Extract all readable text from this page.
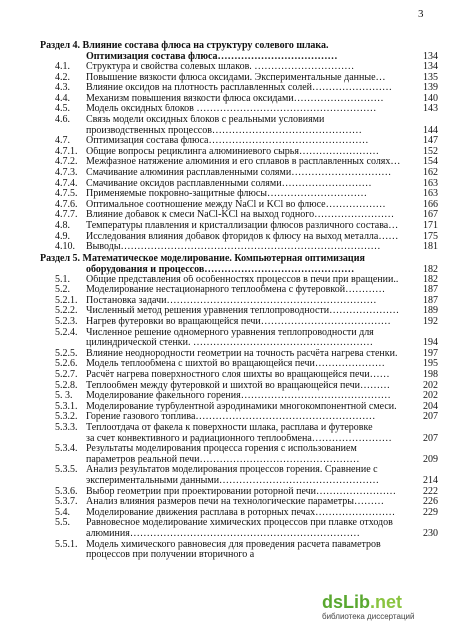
3
Раздел 4. Влияние состава флюса на структуру солевого шлака.
Оптимизация состава флюса………………………………	134
4.1. Структура и свойства солевых шлаков. …………………………	134
4.2. Повышение вязкости флюса оксидами. Экспериментальные данные…	135
4.3. Влияние оксидов на плотность расплавленных солей……………………	139
4.4. Механизм повышения вязкости флюса оксидами………………………	140
4.5. Модель оксидных блоков ………………………………………………	143
4.6. Связь модели оксидных блоков с реальными условиями
производственных процессов………………………………………	144
4.7. Оптимизация состава флюса…………………………………………	147
4.7.1. Общие вопросы рециклинга алюминиевого сырья……………………	152
4.7.2. Межфазное натяжение алюминия и его сплавов в расплавленных солях… 154
4.7.3. Смачивание алюминия расплавленными солями…………………………	162
4.7.4. Смачивание оксидов расплавленными солями………………………	163
4.7.5. Применяемые покровно-защитные флюсы…………………………	163
4.7.6. Оптимальное соотношение между NaCl и KCl во флюсе………………	166
4.7.7. Влияние добавок к смеси NaCl-KCl на выход годного……………………	167
4.8. Температуры плавления и кристаллизации флюсов различного состава… 171
4.9. Исследования влияния добавок фторидов к флюсу на выход металла…… 175
4.10. Выводы……………………………………………………………………	181
Раздел 5. Математическое моделирование. Компьютерная оптимизация
оборудования и процессов………………………………………	182
5.1. Общие представления об особенностях процессов в печи при вращении.. 182
5.2. Моделирование нестационарного теплообмена с футеровкой…………	187
5.2.1. Постановка задачи………………………………………………………	187
5.2.2. Численный метод решения уравнения теплопроводности………………… 189
5.2.3. Нагрев футеровки во вращающейся печи…………………………………	192
5.2.4. Численное решение одномерного уравнения теплопроводности для
цилиндрической стенки. ………………………………………………	194
5.2.5. Влияние неоднородности геометрии на точность расчёта нагрева стенки.	197
5.2.6. Модель теплообмена с шихтой во вращающейся печи…………………	195
5.2.7. Расчёт нагрева поверхностного слоя шихты во вращающейся печи……	198
5.2.8. Теплообмен между футеровкой и шихтой во вращающейся печи………	202
5. 3. Моделирование факельного горения………………………………………	202
5.3.1. Моделирование турбулентной аэродинамики многокомпонентной смеси.	204
5.3.2. Горение газового топлива………………………………………………	207
5.3.3. Теплоотдача от факела к поверхности шлака, расплава и футеровке
за счет конвективного и радиационного теплообмена……………………	207
5.3.4. Результаты моделирования процесса горения с использованием
параметров реальной печи…………………………………………	209
5.3.5. Анализ результатов моделирования процессов горения. Сравнение с
экспериментальными данными…………………………………………	214
5.3.6. Выбор геометрии при проектировании роторной печи……………………	222
5.3.7. Анализ влияния размеров печи на технологические параметры………	226
5.4. Моделирование движения расплава в роторных печах……………………	229
5.5. Равновесное моделирование химических процессов при плавке отходов
алюминия……………………………………………………………	230
5.5.1. Модель химического равновесия для проведения расчета паваметров
процессов при получении вторичного а
dsLib.net
библиотека диссертаций
